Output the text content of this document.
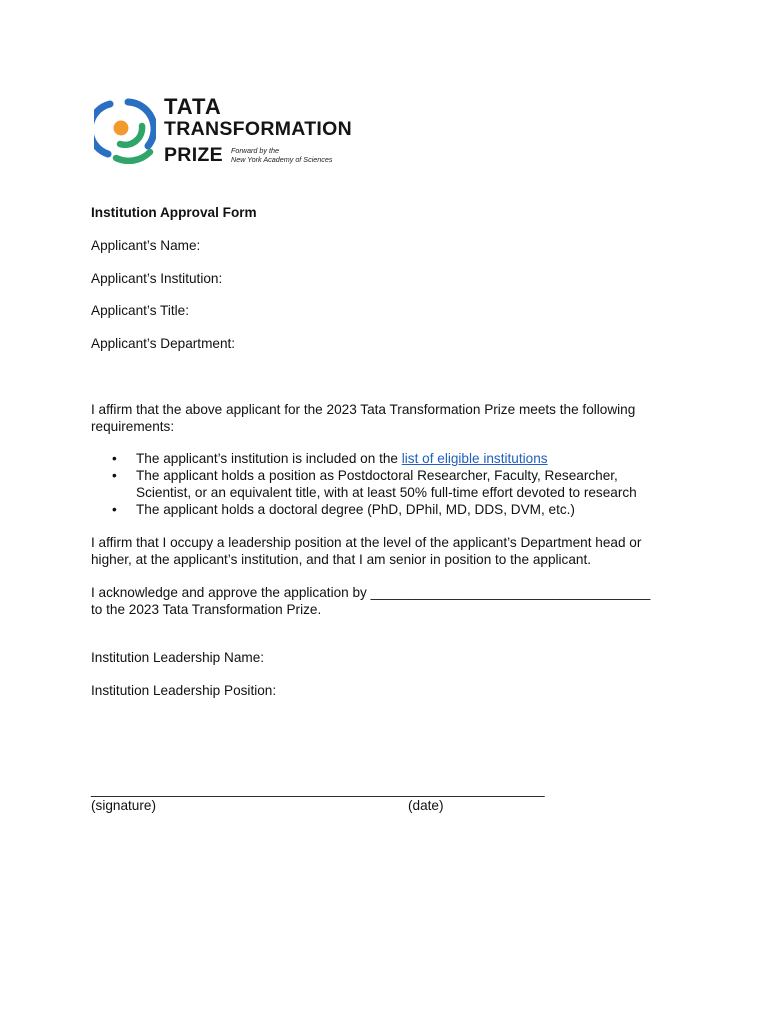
TATA
TRANSFORMATION
PRIZE Forward by the
New York Academy of Sciences

Institution Approval Form

Applicant’s Name:

Applicant’s Institution:

Applicant’s Title:

Applicant’s Department:

I affirm that the above applicant for the 2023 Tata Transformation Prize meets the following

requirements:

• The applicant’s institution is included on the list of eligible institutions
• The applicant holds a position as Postdoctoral Researcher, Faculty, Researcher,
Scientist, or an equivalent title, with at least 50% full-time effort devoted to research
• The applicant holds a doctoral degree (PhD, DPhil, MD, DDS, DVM, etc.)

I affirm that I occupy a leadership position at the level of the applicant’s Department head or

higher, at the applicant’s institution, and that I am senior in position to the applicant.

I acknowledge and approve the application by _____________________________________

to the 2023 Tata Transformation Prize.

Institution Leadership Name:

Institution Leadership Position:

____________________________________________________________

(signature)	(date)
